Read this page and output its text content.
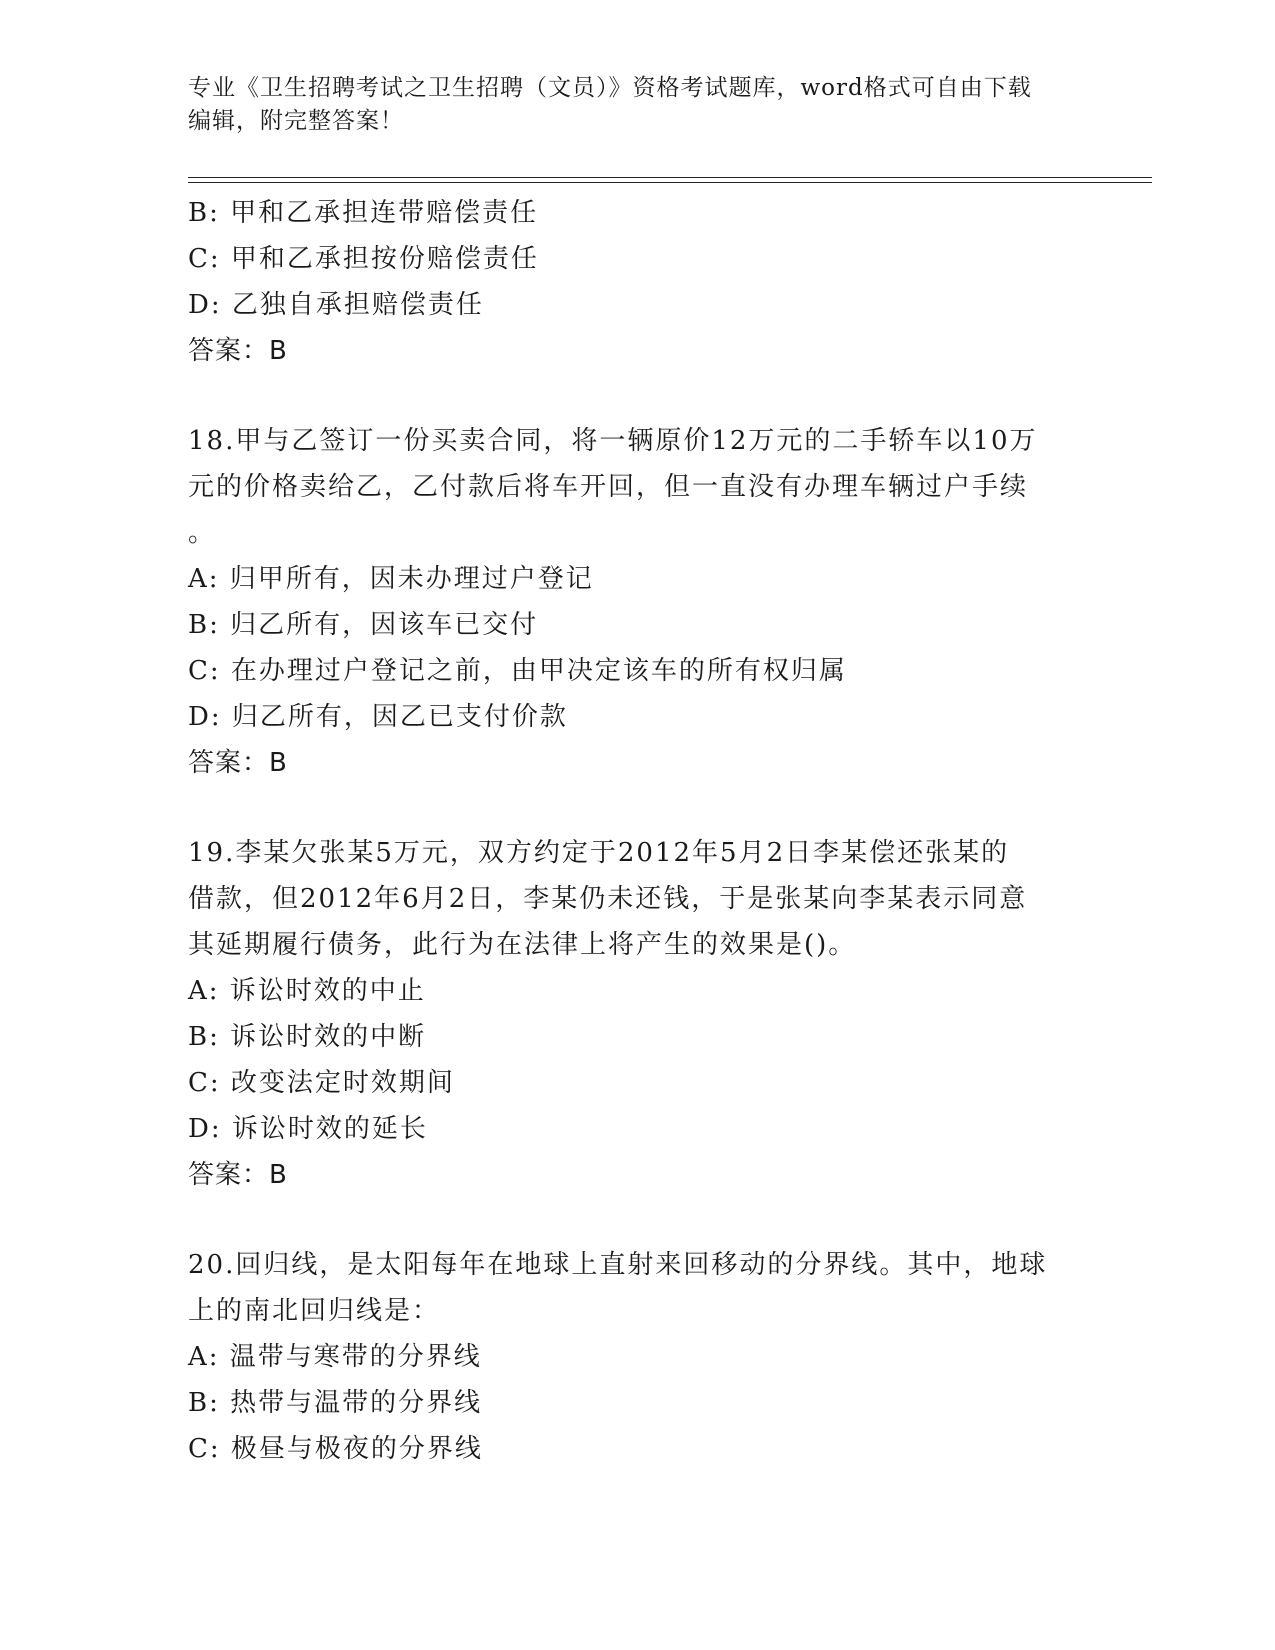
专业《卫生招聘考试之卫生招聘（文员）》资格考试题库，word格式可自由下载
编辑，附完整答案！
B: 甲和乙承担连带赔偿责任
C: 甲和乙承担按份赔偿责任
D: 乙独自承担赔偿责任
答案：B
18.甲与乙签订一份买卖合同，将一辆原价12万元的二手轿车以10万
元的价格卖给乙，乙付款后将车开回，但一直没有办理车辆过户手续
。
A: 归甲所有，因未办理过户登记
B: 归乙所有，因该车已交付
C: 在办理过户登记之前，由甲决定该车的所有权归属
D: 归乙所有，因乙已支付价款
答案：B
19.李某欠张某5万元，双方约定于2012年5月2日李某偿还张某的
借款，但2012年6月2日，李某仍未还钱，于是张某向李某表示同意
其延期履行债务，此行为在法律上将产生的效果是()。
A: 诉讼时效的中止
B: 诉讼时效的中断
C: 改变法定时效期间
D: 诉讼时效的延长
答案：B
20.回归线，是太阳每年在地球上直射来回移动的分界线。其中，地球
上的南北回归线是：
A: 温带与寒带的分界线
B: 热带与温带的分界线
C: 极昼与极夜的分界线
